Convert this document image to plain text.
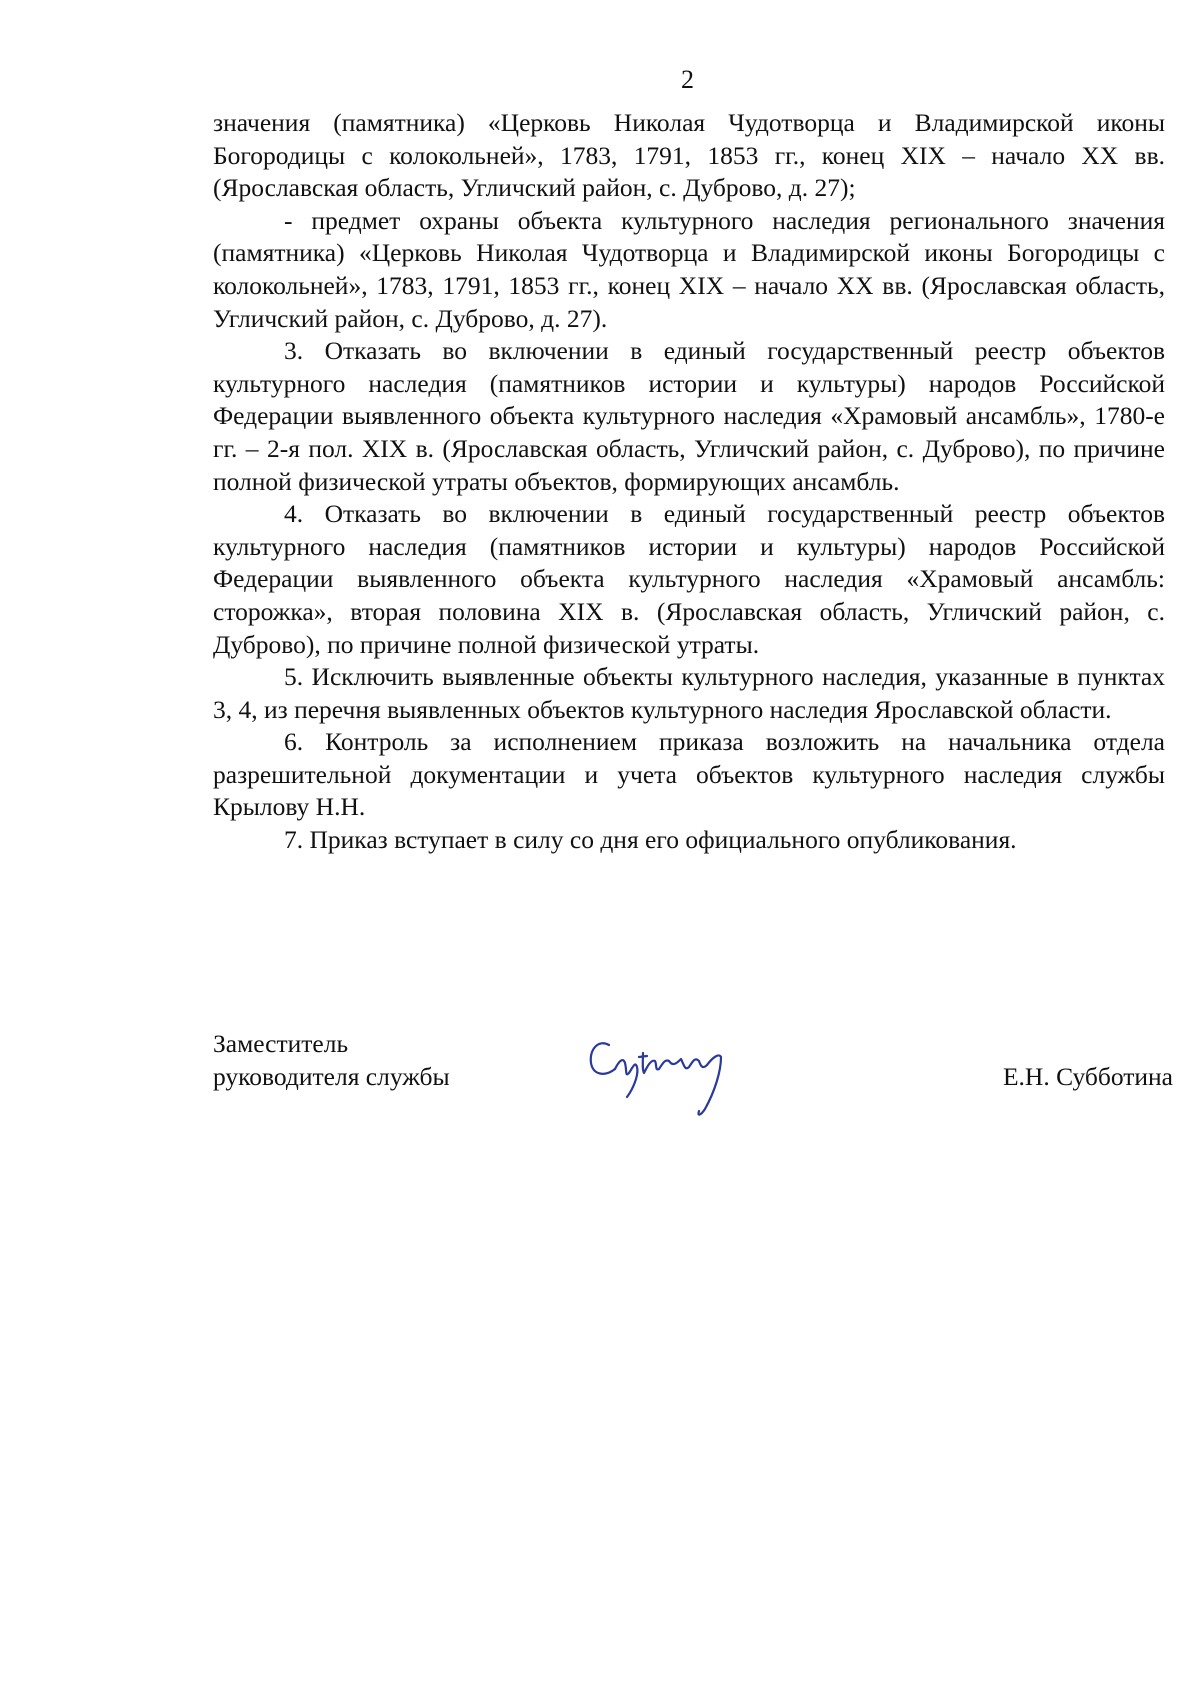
2

значения (памятника) «Церковь Николая Чудотворца и Владимирской иконы Богородицы с колокольней», 1783, 1791, 1853 гг., конец XIX – начало XX вв. (Ярославская область, Угличский район, с. Дуброво, д. 27);

- предмет охраны объекта культурного наследия регионального значения (памятника) «Церковь Николая Чудотворца и Владимирской иконы Богородицы с колокольней», 1783, 1791, 1853 гг., конец XIX – начало XX вв. (Ярославская область, Угличский район, с. Дуброво, д. 27).

3. Отказать во включении в единый государственный реестр объектов культурного наследия (памятников истории и культуры) народов Российской Федерации выявленного объекта культурного наследия «Храмовый ансамбль», 1780-е гг. – 2-я пол. XIX в. (Ярославская область, Угличский район, с. Дуброво), по причине полной физической утраты объектов, формирующих ансамбль.

4. Отказать во включении в единый государственный реестр объектов культурного наследия (памятников истории и культуры) народов Российской Федерации выявленного объекта культурного наследия «Храмовый ансамбль: сторожка», вторая половина XIX в. (Ярославская область, Угличский район, с. Дуброво), по причине полной физической утраты.

5. Исключить выявленные объекты культурного наследия, указанные в пунктах 3, 4, из перечня выявленных объектов культурного наследия Ярославской области.

6. Контроль за исполнением приказа возложить на начальника отдела разрешительной документации и учета объектов культурного наследия службы Крылову Н.Н.

7. Приказ вступает в силу со дня его официального опубликования.

Заместитель
руководителя службы	Е.Н. Субботина
